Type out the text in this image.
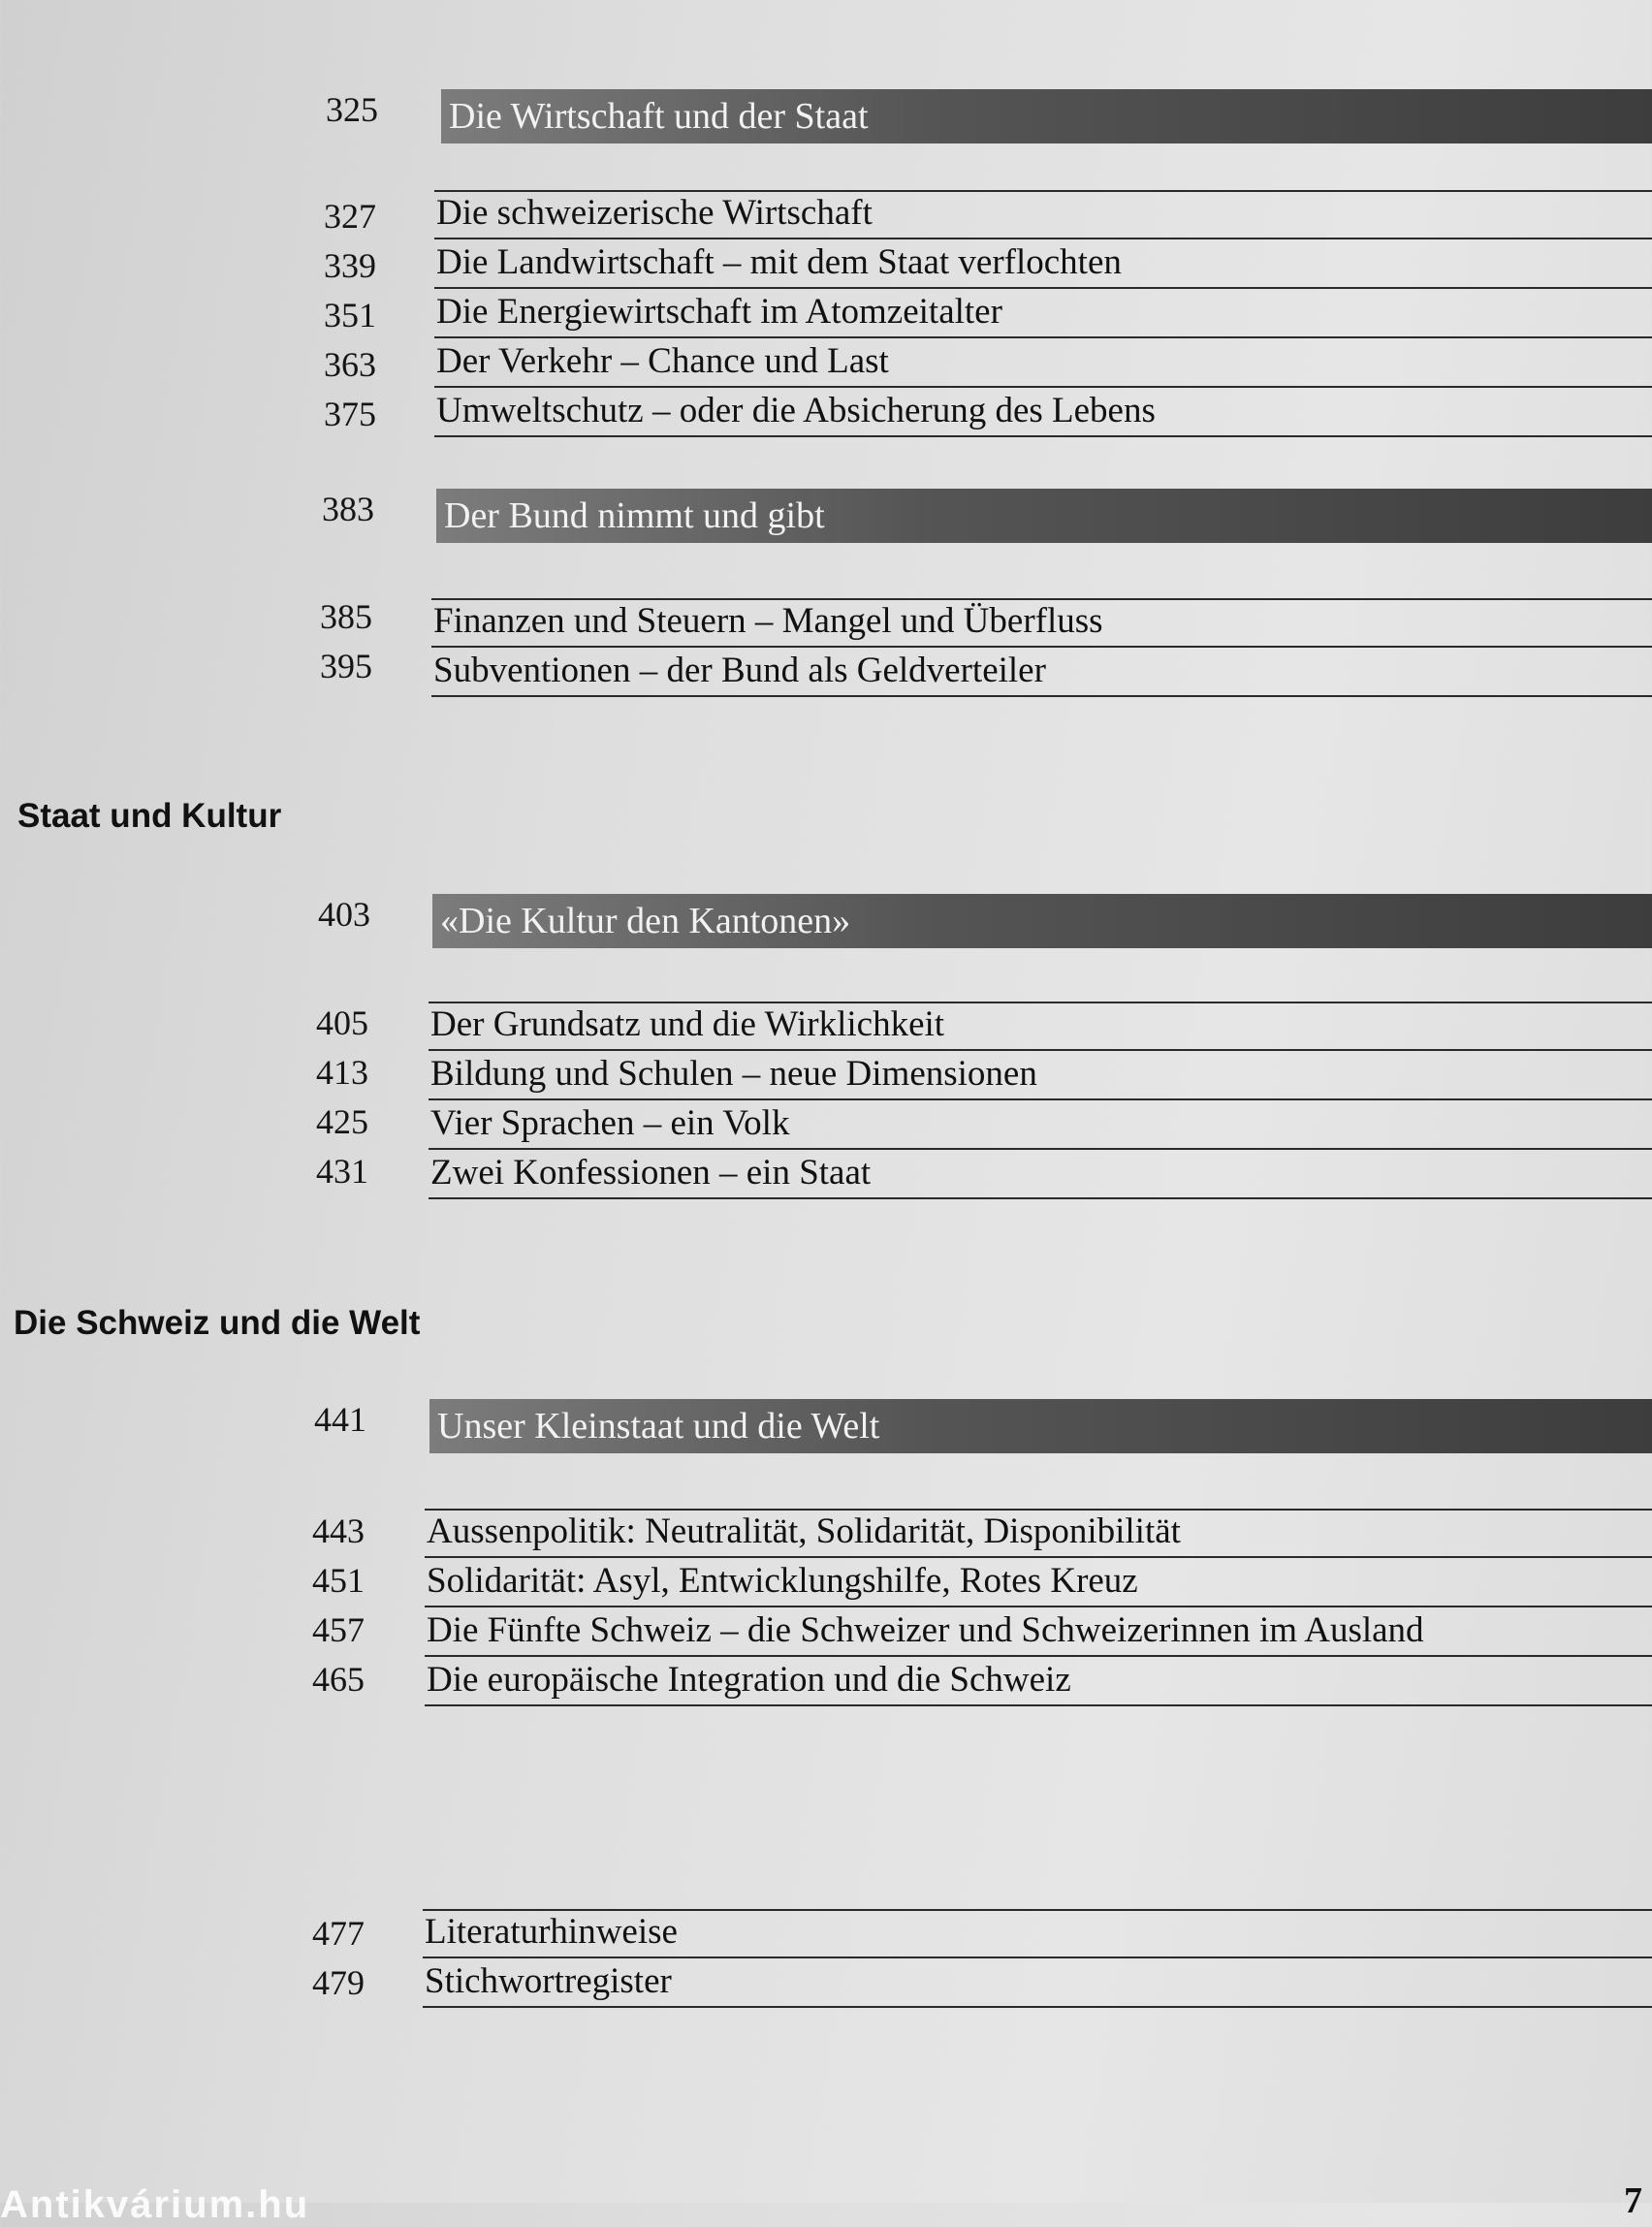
325 Die Wirtschaft und der Staat
Die schweizerische Wirtschaft
327
Die Landwirtschaft – mit dem Staat verflochten
339
Die Energiewirtschaft im Atomzeitalter
351
Der Verkehr – Chance und Last
363
Umweltschutz – oder die Absicherung des Lebens
375
383 Der Bund nimmt und gibt
Finanzen und Steuern – Mangel und Überfluss
385
Subventionen – der Bund als Geldverteiler
395
Staat und Kultur
403 «Die Kultur den Kantonen»
Der Grundsatz und die Wirklichkeit
405
Bildung und Schulen – neue Dimensionen
413
Vier Sprachen – ein Volk
425
Zwei Konfessionen – ein Staat
431
Die Schweiz und die Welt
441 Unser Kleinstaat und die Welt
Aussenpolitik: Neutralität, Solidarität, Disponibilität
443
Solidarität: Asyl, Entwicklungshilfe, Rotes Kreuz
451
Die Fünfte Schweiz – die Schweizer und Schweizerinnen im Ausland
457
Die europäische Integration und die Schweiz
465
Literaturhinweise
477
Stichwortregister
479
7
Antikvárium.hu
